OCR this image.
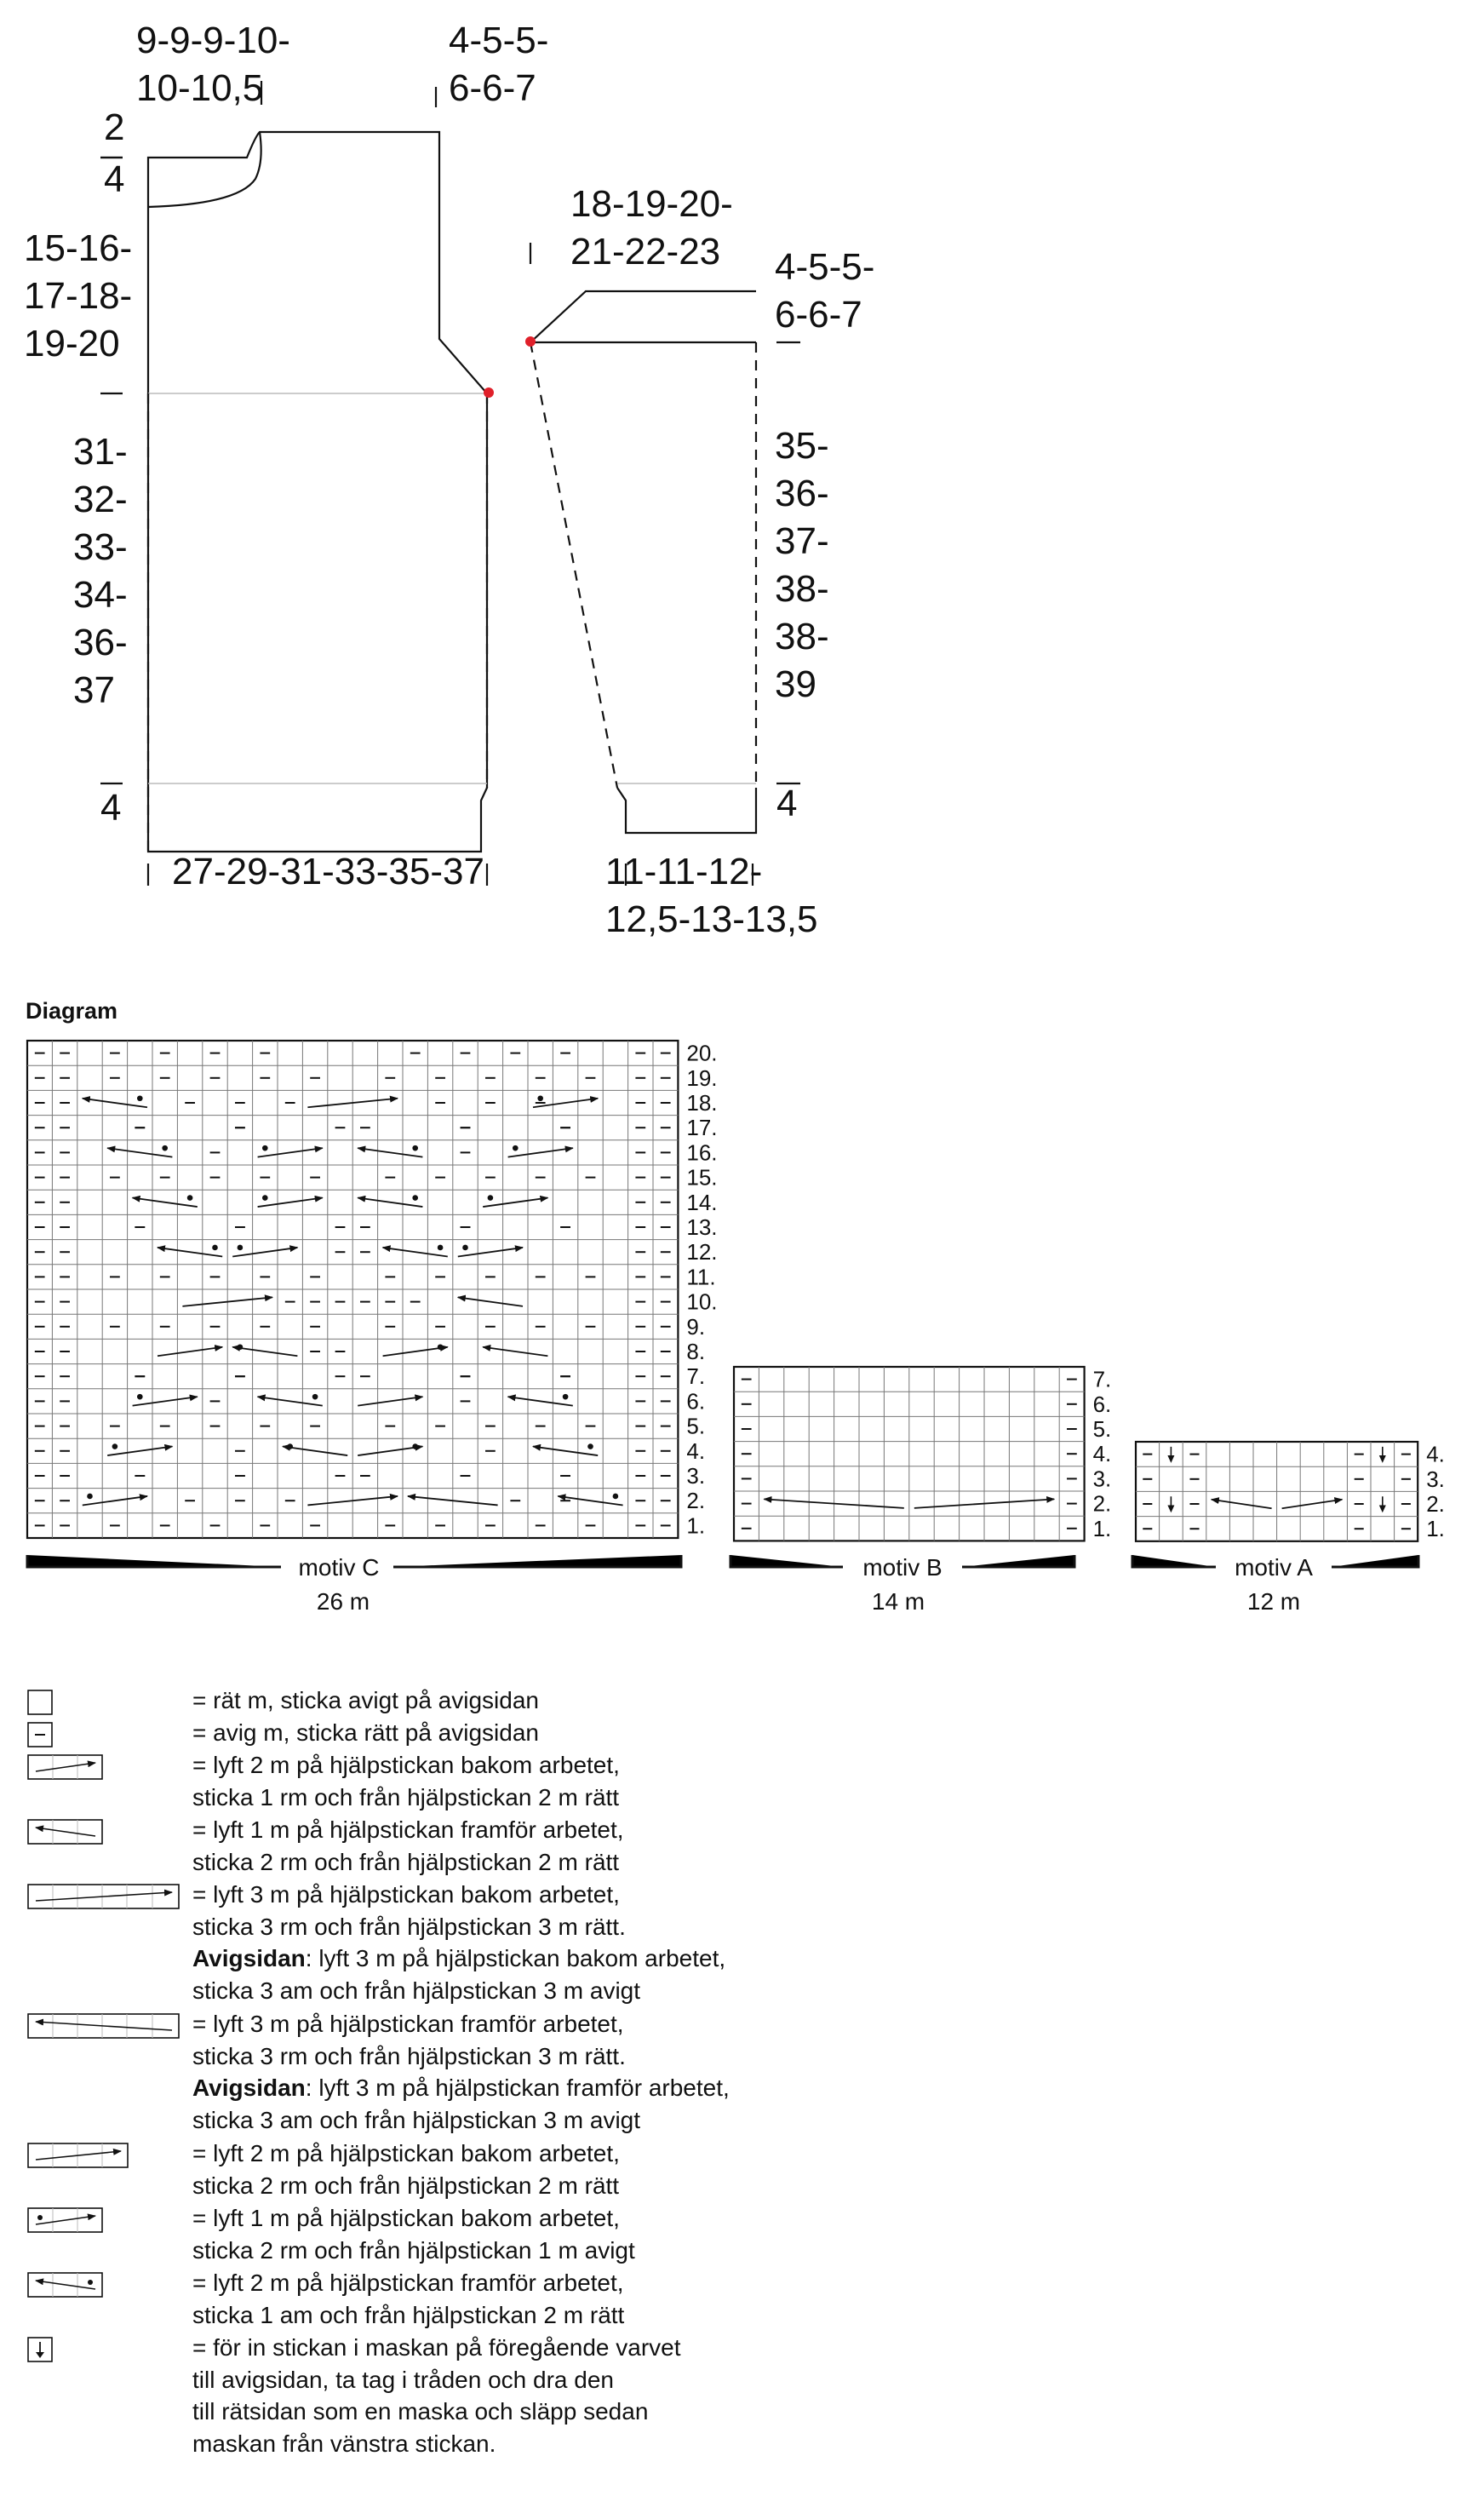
9-9-9-10-10-10,5
4-5-5-6-6-7
2 4
15-16-17-18-19-20
31-32-33-34-36-37
4
27-29-31-33-35-37
18-19-20-21-22-23	4-5-5-6-6-7
35-36-37-38-38-39
4
11-11-12-12,5-13-13,5
Diagram
1.
2.
3.
4.
5.
6.
7.
8.
9.
10.
11.
12.
13.
14.
15.
16.
17.
18.
19.
20.
1.
2.
3.
4.
5.
6.
7.
1.
2.
3.
4.
motiv C
26 m
motiv B
14 m
motiv A
12 m
= rät m, sticka avigt på avigsidan
= avig m, sticka rätt på avigsidan
= lyft 2 m på hjälpstickan bakom arbetet,
sticka 1 rm och från hjälpstickan 2 m rätt
= lyft 1 m på hjälpstickan framför arbetet,
sticka 2 rm och från hjälpstickan 2 m rätt
= lyft 3 m på hjälpstickan bakom arbetet,
sticka 3 rm och från hjälpstickan 3 m rätt.
Avigsidan: lyft 3 m på hjälpstickan bakom arbetet,
sticka 3 am och från hjälpstickan 3 m avigt
= lyft 3 m på hjälpstickan framför arbetet,
sticka 3 rm och från hjälpstickan 3 m rätt.
Avigsidan: lyft 3 m på hjälpstickan framför arbetet,
sticka 3 am och från hjälpstickan 3 m avigt
= lyft 2 m på hjälpstickan bakom arbetet,
sticka 2 rm och från hjälpstickan 2 m rätt
= lyft 1 m på hjälpstickan bakom arbetet,
sticka 2 rm och från hjälpstickan 1 m avigt
= lyft 2 m på hjälpstickan framför arbetet,
sticka 1 am och från hjälpstickan 2 m rätt
= för in stickan i maskan på föregående varvet
till avigsidan, ta tag i tråden och dra den
till rätsidan som en maska och släpp sedan
maskan från vänstra stickan.
